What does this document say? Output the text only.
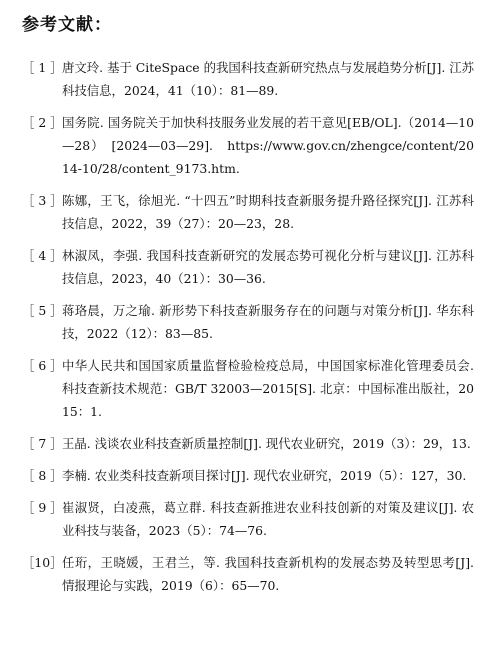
参考文献：
［ 1 ］ 唐文玲. 基于 CiteSpace 的我国科技查新研究热点与发展趋势分析[J]. 江苏科技信息，2024，41（10）：81—89.
［ 2 ］ 国务院. 国务院关于加快科技服务业发展的若干意见[EB/OL].（2014—10—28）　[2024—03—29].　https://www.gov.cn/zhengce/content/2014-10/28/content_9173.htm.
［ 3 ］ 陈娜，王飞，徐旭光. “十四五”时期科技查新服务提升路径探究[J]. 江苏科技信息，2022，39（27）：20—23，28.
［ 4 ］ 林淑凤，李强. 我国科技查新研究的发展态势可视化分析与建议[J]. 江苏科技信息，2023，40（21）：30—36.
［ 5 ］ 蒋珞晨，万之瑜. 新形势下科技查新服务存在的问题与对策分析[J]. 华东科技，2022（12）：83—85.
［ 6 ］ 中华人民共和国国家质量监督检验检疫总局，中国国家标准化管理委员会. 科技查新技术规范：GB/T 32003—2015[S]. 北京：中国标准出版社，2015：1.
［ 7 ］ 王晶. 浅谈农业科技查新质量控制[J]. 现代农业研究，2019（3）：29，13.
［ 8 ］ 李楠. 农业类科技查新项目探讨[J]. 现代农业研究，2019（5）：127，30.
［ 9 ］ 崔淑贤，白凌燕，葛立群. 科技查新推进农业科技创新的对策及建议[J]. 农业科技与装备，2023（5）：74—76.
［10］ 任珩，王晓媛，王君兰，等. 我国科技查新机构的发展态势及转型思考[J]. 情报理论与实践，2019（6）：65—70.
